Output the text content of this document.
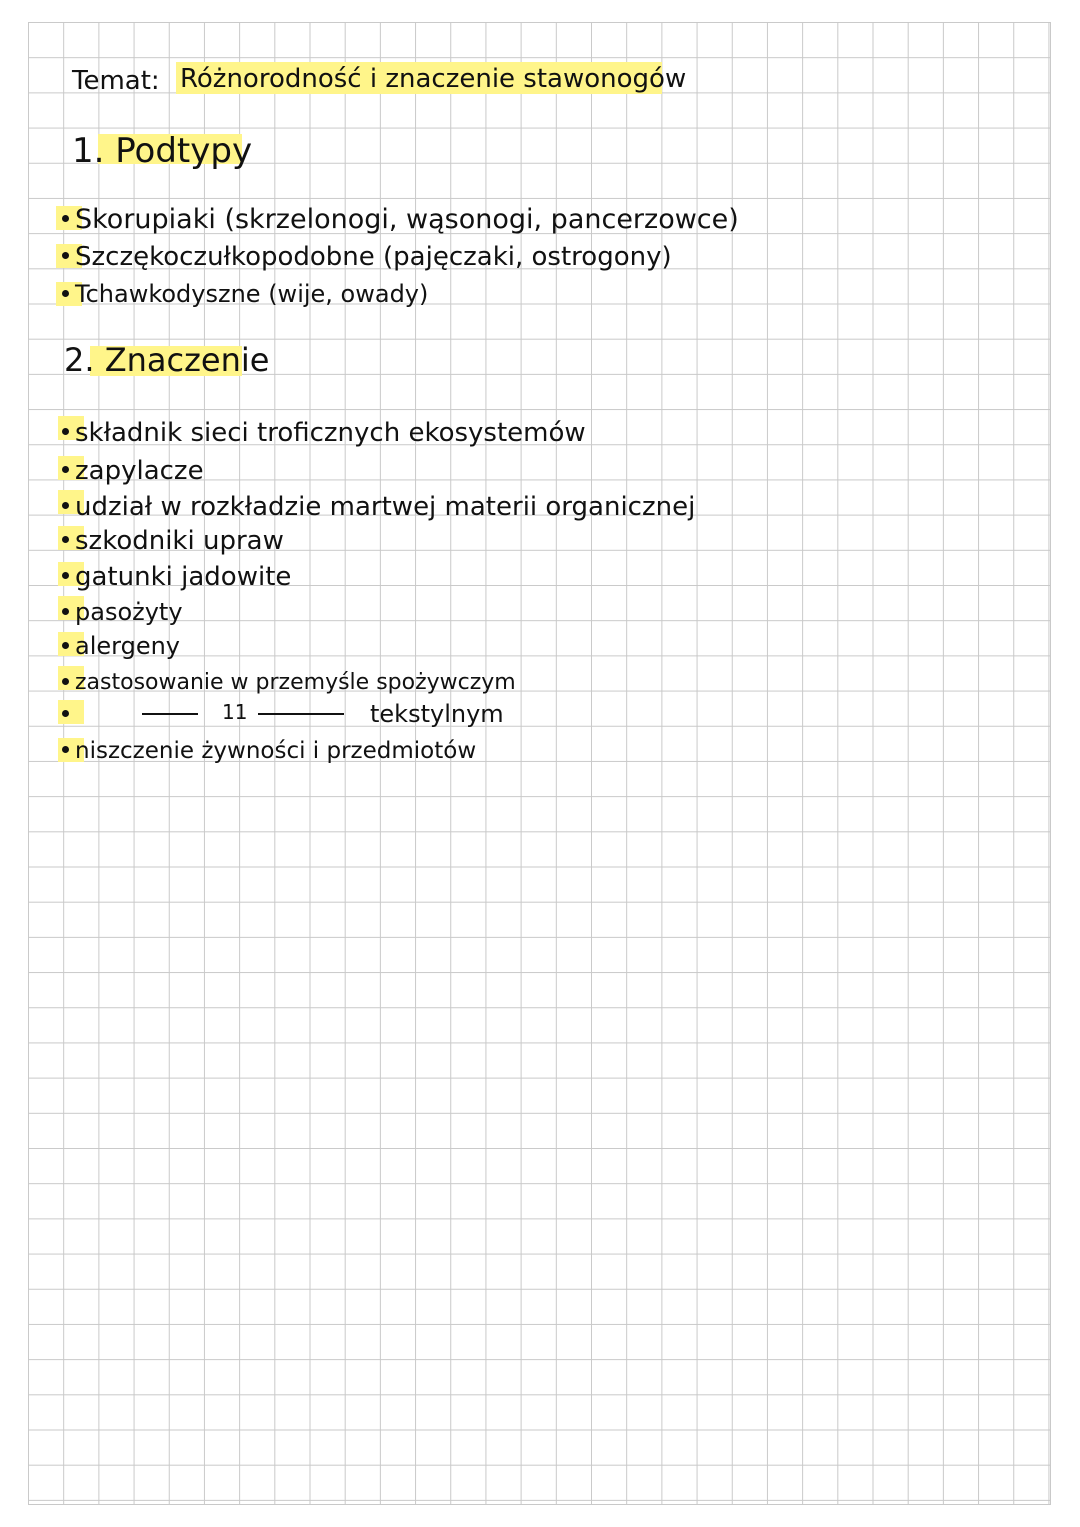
Temat: Różnorodność i znaczenie stawonogów
1. Podtypy
Skorupiaki (skrzelonogi, wąsonogi, pancerzowce)
Szczękoczułkopodobne (pajęczaki, ostrogony)
Tchawkodyszne (wije, owady)
2. Znaczenie
składnik sieci troficznych ekosystemów
zapylacze
udział w rozkładzie martwej materii organicznej
szkodniki upraw
gatunki jadowite
pasożyty
alergeny
zastosowanie w przemyśle spożywczym
11	tekstylnym
niszczenie żywności i przedmiotów
